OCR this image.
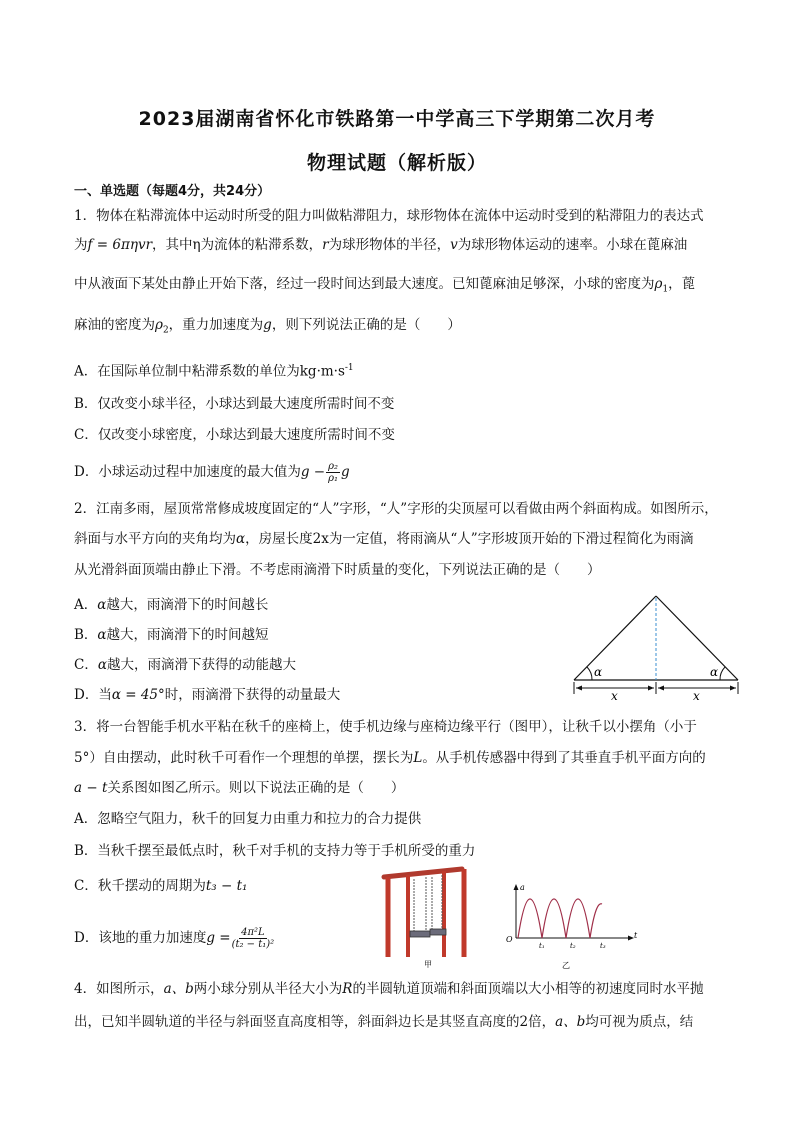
2023届湖南省怀化市铁路第一中学高三下学期第二次月考
物理试题（解析版）
一、单选题（每题4分，共24分）
1．物体在粘滞流体中运动时所受的阻力叫做粘滞阻力，球形物体在流体中运动时受到的粘滞阻力的表达式
为f = 6πηvr，其中η为流体的粘滞系数，r为球形物体的半径，v为球形物体运动的速率。小球在蓖麻油
中从液面下某处由静止开始下落，经过一段时间达到最大速度。已知蓖麻油足够深，小球的密度为$\rho_1$，蓖
麻油的密度为$\rho_2$，重力加速度为g，则下列说法正确的是（　　）
A．在国际单位制中粘滞系数的单位为$kg\cdot m\cdot s^{-1}$
B．仅改变小球半径，小球达到最大速度所需时间不变
C．仅改变小球密度，小球达到最大速度所需时间不变
D．小球运动过程中加速度的最大值为$g - \frac{\text{ρ₂}}{\text{ρ₁}}$ g
2．江南多雨，屋顶常常修成坡度固定的“人”字形，“人”字形的尖顶屋可以看做由两个斜面构成。如图所示，
斜面与水平方向的夹角均为α，房屋长度2x为一定值，将雨滴从“人”字形坡顶开始的下滑过程简化为雨滴
从光滑斜面顶端由静止下滑。不考虑雨滴滑下时质量的变化，下列说法正确的是（　　）
A．α越大，雨滴滑下的时间越长
B．α越大，雨滴滑下的时间越短
C．α越大，雨滴滑下获得的动能越大
D．当α = 45°时，雨滴滑下获得的动量最大
α	α
x	x
3．将一台智能手机水平粘在秋千的座椅上，使手机边缘与座椅边缘平行（图甲），让秋千以小摆角（小于
5°）自由摆动，此时秋千可看作一个理想的单摆，摆长为L。从手机传感器中得到了其垂直手机平面方向的
a − t关系图如图乙所示。则以下说法正确的是（　　）
A．忽略空气阻力，秋千的回复力由重力和拉力的合力提供
B．当秋千摆至最低点时，秋千对手机的支持力等于手机所受的重力
C．秋千摆动的周期为t₃ − t₁
D．该地的重力加速度$g = \frac{\text{4π²L}}{\text{(t₂ − t₁)²}}$
甲
a
t
O
t₁	t₂	t₃
乙
4．如图所示，a、b两小球分别从半径大小为R的半圆轨道顶端和斜面顶端以大小相等的初速度同时水平抛
出，已知半圆轨道的半径与斜面竖直高度相等，斜面斜边长是其竖直高度的2倍，a、b均可视为质点，结
